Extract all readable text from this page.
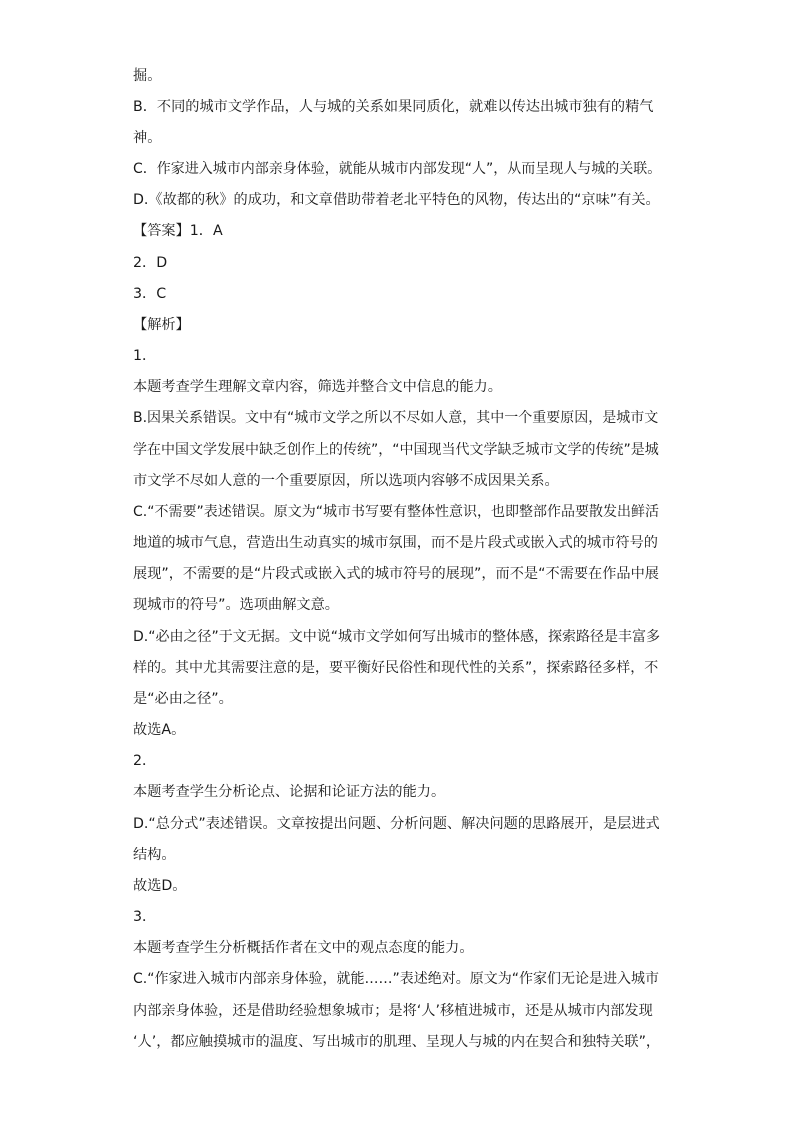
掘。
B．不同的城市文学作品，人与城的关系如果同质化，就难以传达出城市独有的精气
神。
C．作家进入城市内部亲身体验，就能从城市内部发现“人”，从而呈现人与城的关联。
D.《故都的秋》的成功，和文章借助带着老北平特色的风物，传达出的“京味”有关。
【答案】1．A
2．D
3．C
【解析】
1．
本题考查学生理解文章内容，筛选并整合文中信息的能力。
B.因果关系错误。文中有“城市文学之所以不尽如人意，其中一个重要原因，是城市文
学在中国文学发展中缺乏创作上的传统”，“中国现当代文学缺乏城市文学的传统”是城
市文学不尽如人意的一个重要原因，所以选项内容够不成因果关系。
C.“不需要”表述错误。原文为“城市书写要有整体性意识，也即整部作品要散发出鲜活
地道的城市气息，营造出生动真实的城市氛围，而不是片段式或嵌入式的城市符号的
展现”，不需要的是“片段式或嵌入式的城市符号的展现”，而不是“不需要在作品中展
现城市的符号”。选项曲解文意。
D.“必由之径”于文无据。文中说“城市文学如何写出城市的整体感，探索路径是丰富多
样的。其中尤其需要注意的是，要平衡好民俗性和现代性的关系”，探索路径多样，不
是“必由之径”。
故选A。
2．
本题考查学生分析论点、论据和论证方法的能力。
D.“总分式”表述错误。文章按提出问题、分析问题、解决问题的思路展开，是层进式
结构。
故选D。
3．
本题考查学生分析概括作者在文中的观点态度的能力。
C.“作家进入城市内部亲身体验，就能……”表述绝对。原文为“作家们无论是进入城市
内部亲身体验，还是借助经验想象城市；是将‘人’移植进城市，还是从城市内部发现
‘人’，都应触摸城市的温度、写出城市的肌理、呈现人与城的内在契合和独特关联”，
